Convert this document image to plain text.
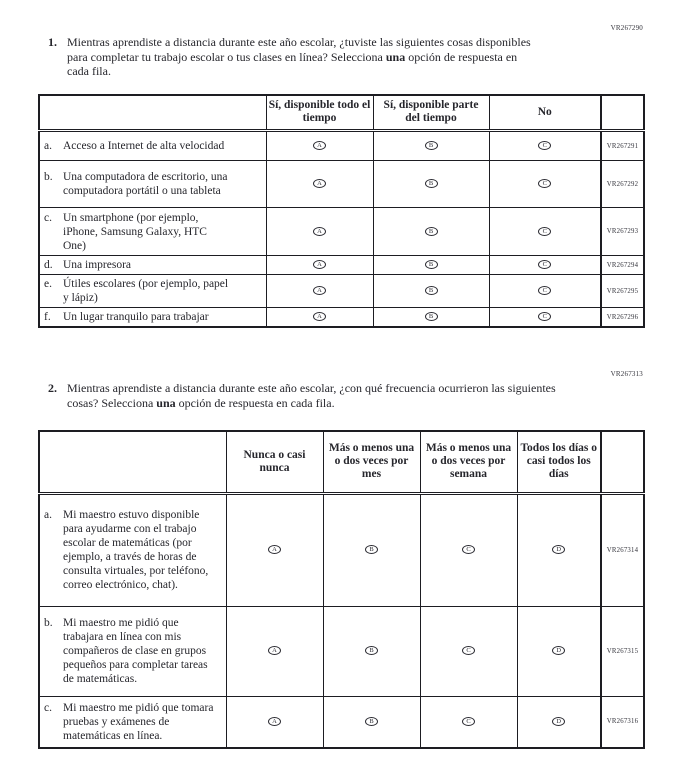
VR267290
1. Mientras aprendiste a distancia durante este año escolar, ¿tuviste las siguientes cosas disponibles para completar tu trabajo escolar o tus clases en línea? Selecciona una opción de respuesta en cada fila.
	Sí, disponible todo el tiempo	Sí, disponible parte del tiempo	No	

a. Acceso a Internet de alta velocidad	A	B	C	VR267291

b. Una computadora de escritorio, una computadora portátil o una tableta	A	B	C	VR267292

c. Un smartphone (por ejemplo, iPhone, Samsung Galaxy, HTC One)	A	B	C	VR267293

d. Una impresora	A	B	C	VR267294

e. Útiles escolares (por ejemplo, papel y lápiz)	A	B	C	VR267295

f. Un lugar tranquilo para trabajar	A	B	C	VR267296
VR267313
2. Mientras aprendiste a distancia durante este año escolar, ¿con qué frecuencia ocurrieron las siguientes cosas? Selecciona una opción de respuesta en cada fila.
	Nunca o casi nunca	Más o menos una o dos veces por mes	Más o menos una o dos veces por semana	Todos los días o casi todos los días	

a. Mi maestro estuvo disponible para ayudarme con el trabajo escolar de matemáticas (por ejemplo, a través de horas de consulta virtuales, por teléfono, correo electrónico, chat).	A	B	C	D	VR267314

b. Mi maestro me pidió que trabajara en línea con mis compañeros de clase en grupos pequeños para completar tareas de matemáticas.	A	B	C	D	VR267315

c. Mi maestro me pidió que tomara pruebas y exámenes de matemáticas en línea.	A	B	C	D	VR267316
